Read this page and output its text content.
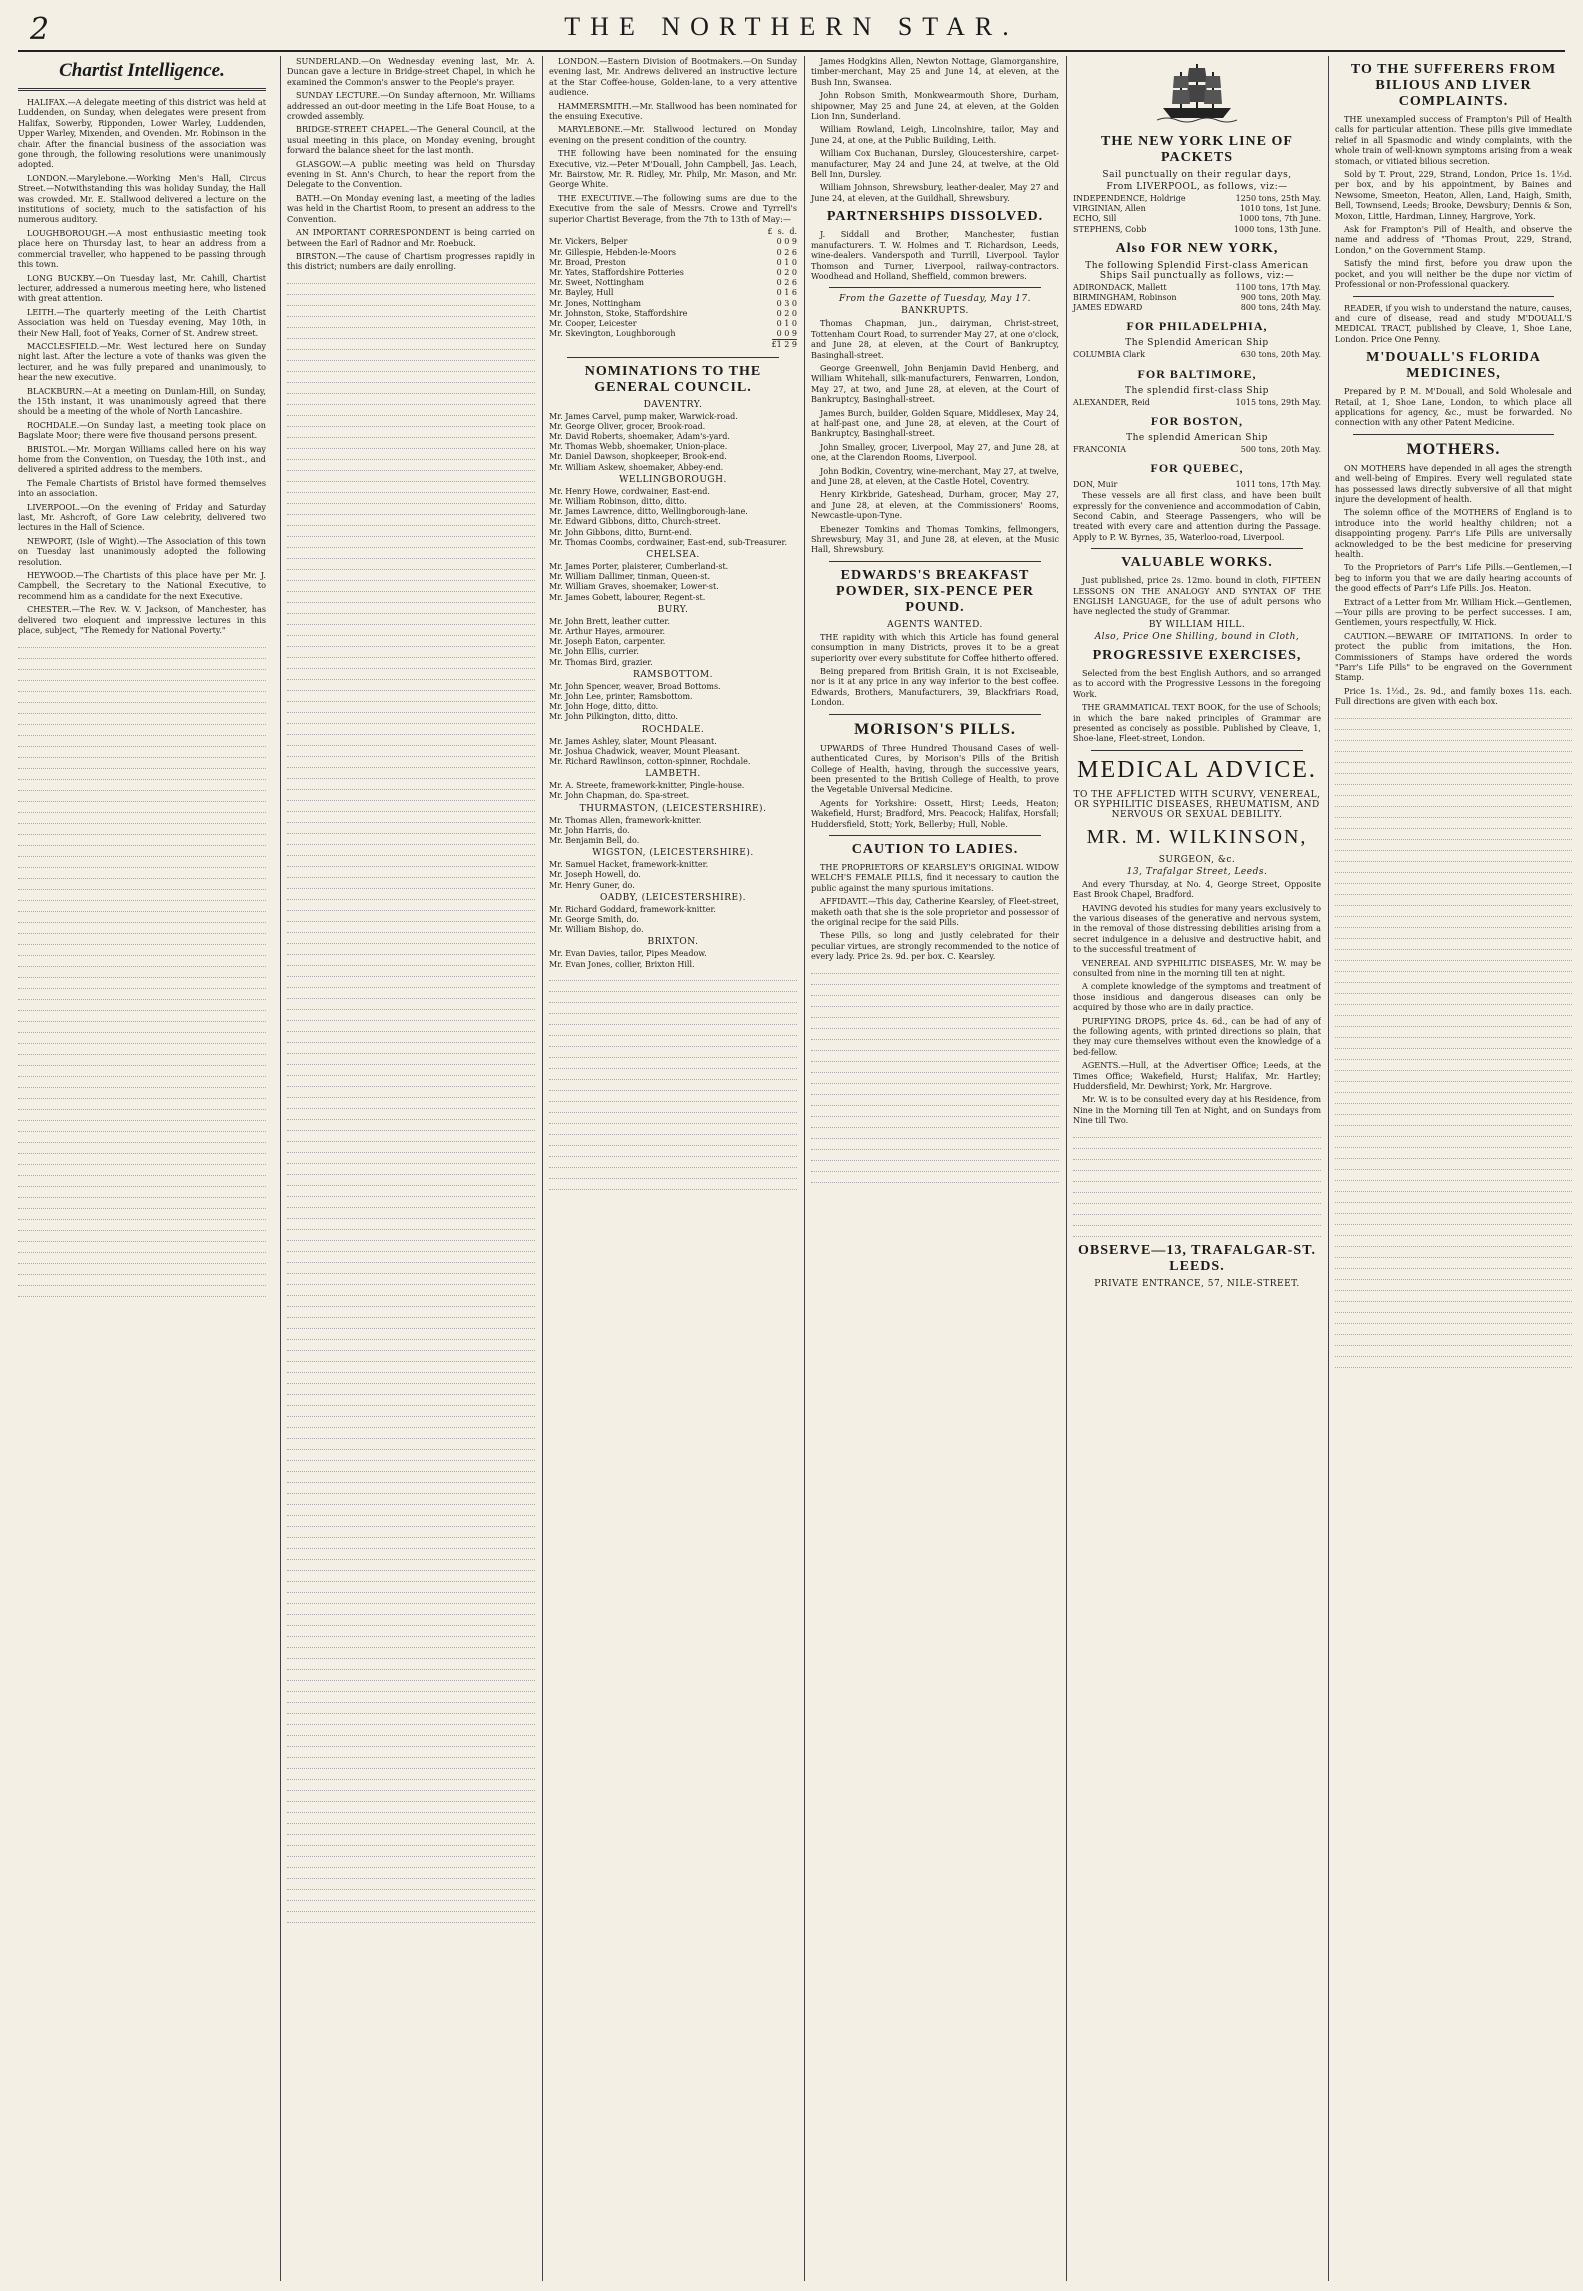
2	THE NORTHERN STAR.
Chartist Intelligence.

HALIFAX.—A delegate meeting of this district was held at Luddenden, on Sunday, when delegates were present from Halifax, Sowerby, Ripponden, Lower Warley, Luddenden, Upper Warley, Mixenden, and Ovenden. Mr. Robinson in the chair. After the financial business of the association was gone through, the following resolutions were unanimously adopted.

LONDON.—Marylebone.—Working Men's Hall, Circus Street.—Notwithstanding this was holiday Sunday, the Hall was crowded. Mr. E. Stallwood delivered a lecture on the institutions of society, much to the satisfaction of his numerous auditory.

LOUGHBOROUGH.—A most enthusiastic meeting took place here on Thursday last, to hear an address from a commercial traveller, who happened to be passing through this town.

LONG BUCKBY.—On Tuesday last, Mr. Cahill, Chartist lecturer, addressed a numerous meeting here, who listened with great attention.

LEITH.—The quarterly meeting of the Leith Chartist Association was held on Tuesday evening, May 10th, in their New Hall, foot of Yeaks, Corner of St. Andrew street.

MACCLESFIELD.—Mr. West lectured here on Sunday night last. After the lecture a vote of thanks was given the lecturer, and he was fully prepared and unanimously, to hear the new executive.

BLACKBURN.—At a meeting on Dunlam-Hill, on Sunday, the 15th instant, it was unanimously agreed that there should be a meeting of the whole of North Lancashire.

ROCHDALE.—On Sunday last, a meeting took place on Bagslate Moor; there were five thousand persons present.

BRISTOL.—Mr. Morgan Williams called here on his way home from the Convention, on Tuesday, the 10th inst., and delivered a spirited address to the members.

The Female Chartists of Bristol have formed themselves into an association.

LIVERPOOL.—On the evening of Friday and Saturday last, Mr. Ashcroft, of Gore Law celebrity, delivered two lectures in the Hall of Science.

NEWPORT, (Isle of Wight).—The Association of this town on Tuesday last unanimously adopted the following resolution.

HEYWOOD.—The Chartists of this place have per Mr. J. Campbell, the Secretary to the National Executive, to recommend him as a candidate for the next Executive.

CHESTER.—The Rev. W. V. Jackson, of Manchester, has delivered two eloquent and impressive lectures in this place, subject, "The Remedy for National Poverty."

SUNDERLAND.—On Wednesday evening last, Mr. A. Duncan gave a lecture in Bridge-street Chapel, in which he examined the Common's answer to the People's prayer.

SUNDAY LECTURE.—On Sunday afternoon, Mr. Williams addressed an out-door meeting in the Life Boat House, to a crowded assembly.

BRIDGE-STREET CHAPEL.—The General Council, at the usual meeting in this place, on Monday evening, brought forward the balance sheet for the last month.

GLASGOW.—A public meeting was held on Thursday evening in St. Ann's Church, to hear the report from the Delegate to the Convention.

BATH.—On Monday evening last, a meeting of the ladies was held in the Chartist Room, to present an address to the Convention.

AN IMPORTANT CORRESPONDENT is being carried on between the Earl of Radnor and Mr. Roebuck.

BIRSTON.—The cause of Chartism progresses rapidly in this district; numbers are daily enrolling.

LONDON.—Eastern Division of Bootmakers.—On Sunday evening last, Mr. Andrews delivered an instructive lecture at the Star Coffee-house, Golden-lane, to a very attentive audience.

HAMMERSMITH.—Mr. Stallwood has been nominated for the ensuing Executive.

MARYLEBONE.—Mr. Stallwood lectured on Monday evening on the present condition of the country.

THE following have been nominated for the ensuing Executive, viz.—Peter M'Douall, John Campbell, Jas. Leach, Mr. Bairstow, Mr. R. Ridley, Mr. Philp, Mr. Mason, and Mr. George White.

THE EXECUTIVE.—The following sums are due to the Executive from the sale of Messrs. Crowe and Tyrrell's superior Chartist Beverage, from the 7th to 13th of May:—

£ s. d.
Mr. Vickers, Belper	0 0 9
Mr. Gillespie, Hebden-le-Moors	0 2 6
Mr. Broad, Preston	0 1 0
Mr. Yates, Staffordshire Potteries	0 2 0
Mr. Sweet, Nottingham	0 2 6
Mr. Bayley, Hull	0 1 6
Mr. Jones, Nottingham	0 3 0
Mr. Johnston, Stoke, Staffordshire	0 2 0
Mr. Cooper, Leicester	0 1 0
Mr. Skevington, Loughborough	0 0 9
£1 2 9
NOMINATIONS TO THE GENERAL COUNCIL.
DAVENTRY.
Mr. James Carvel, pump maker, Warwick-road.
Mr. George Oliver, grocer, Brook-road.
Mr. David Roberts, shoemaker, Adam's-yard.
Mr. Thomas Webb, shoemaker, Union-place.
Mr. Daniel Dawson, shopkeeper, Brook-end.
Mr. William Askew, shoemaker, Abbey-end.
WELLINGBOROUGH.
Mr. Henry Howe, cordwainer, East-end.
Mr. William Robinson, ditto, ditto.
Mr. James Lawrence, ditto, Wellingborough-lane.
Mr. Edward Gibbons, ditto, Church-street.
Mr. John Gibbons, ditto, Burnt-end.
Mr. Thomas Coombs, cordwainer, East-end, sub-Treasurer.
CHELSEA.
Mr. James Porter, plaisterer, Cumberland-st.
Mr. William Dallimer, tinman, Queen-st.
Mr. William Graves, shoemaker, Lower-st.
Mr. James Gobett, labourer, Regent-st.
BURY.
Mr. John Brett, leather cutter.
Mr. Arthur Hayes, armourer.
Mr. Joseph Eaton, carpenter.
Mr. John Ellis, currier.
Mr. Thomas Bird, grazier.
RAMSBOTTOM.
Mr. John Spencer, weaver, Broad Bottoms.
Mr. John Lee, printer, Ramsbottom.
Mr. John Hoge, ditto, ditto.
Mr. John Pilkington, ditto, ditto.
ROCHDALE.
Mr. James Ashley, slater, Mount Pleasant.
Mr. Joshua Chadwick, weaver, Mount Pleasant.
Mr. Richard Rawlinson, cotton-spinner, Rochdale.
LAMBETH.
Mr. A. Streete, framework-knitter, Pingle-house.
Mr. John Chapman, do. Spa-street.
THURMASTON, (LEICESTERSHIRE).
Mr. Thomas Allen, framework-knitter.
Mr. John Harris, do.
Mr. Benjamin Bell, do.
WIGSTON, (LEICESTERSHIRE).
Mr. Samuel Hacket, framework-knitter.
Mr. Joseph Howell, do.
Mr. Henry Guner, do.
OADBY, (LEICESTERSHIRE).
Mr. Richard Goddard, framework-knitter.
Mr. George Smith, do.
Mr. William Bishop, do.
BRIXTON.
Mr. Evan Davies, tailor, Pipes Meadow.
Mr. Evan Jones, collier, Brixton Hill.

James Hodgkins Allen, Newton Nottage, Glamorganshire, timber-merchant, May 25 and June 14, at eleven, at the Bush Inn, Swansea.

John Robson Smith, Monkwearmouth Shore, Durham, shipowner, May 25 and June 24, at eleven, at the Golden Lion Inn, Sunderland.

William Rowland, Leigh, Lincolnshire, tailor, May and June 24, at one, at the Public Building, Leith.

William Cox Buchanan, Dursley, Gloucestershire, carpet-manufacturer, May 24 and June 24, at twelve, at the Old Bell Inn, Dursley.

William Johnson, Shrewsbury, leather-dealer, May 27 and June 24, at eleven, at the Guildhall, Shrewsbury.

PARTNERSHIPS DISSOLVED.

J. Siddall and Brother, Manchester, fustian manufacturers. T. W. Holmes and T. Richardson, Leeds, wine-dealers. Vanderspoth and Turrill, Liverpool. Taylor Thomson and Turner, Liverpool, railway-contractors. Woodhead and Holland, Sheffield, common brewers.

From the Gazette of Tuesday, May 17.
BANKRUPTS.

Thomas Chapman, jun., dairyman, Christ-street, Tottenham Court Road, to surrender May 27, at one o'clock, and June 28, at eleven, at the Court of Bankruptcy, Basinghall-street.

George Greenwell, John Benjamin David Henberg, and William Whitehall, silk-manufacturers, Fenwarren, London, May 27, at two, and June 28, at eleven, at the Court of Bankruptcy, Basinghall-street.

James Burch, builder, Golden Square, Middlesex, May 24, at half-past one, and June 28, at eleven, at the Court of Bankruptcy, Basinghall-street.

John Smalley, grocer, Liverpool, May 27, and June 28, at one, at the Clarendon Rooms, Liverpool.

John Bodkin, Coventry, wine-merchant, May 27, at twelve, and June 28, at eleven, at the Castle Hotel, Coventry.

Henry Kirkbride, Gateshead, Durham, grocer, May 27, and June 28, at eleven, at the Commissioners' Rooms, Newcastle-upon-Tyne.

Ebenezer Tomkins and Thomas Tomkins, fellmongers, Shrewsbury, May 31, and June 28, at eleven, at the Music Hall, Shrewsbury.

EDWARDS'S BREAKFAST POWDER, SIX-PENCE PER POUND.
AGENTS WANTED.

THE rapidity with which this Article has found general consumption in many Districts, proves it to be a great superiority over every substitute for Coffee hitherto offered.

Being prepared from British Grain, it is not Exciseable, nor is it at any price in any way inferior to the best coffee. Edwards, Brothers, Manufacturers, 39, Blackfriars Road, London.

MORISON'S PILLS.

UPWARDS of Three Hundred Thousand Cases of well-authenticated Cures, by Morison's Pills of the British College of Health, having, through the successive years, been presented to the British College of Health, to prove the Vegetable Universal Medicine.

Agents for Yorkshire: Ossett, Hirst; Leeds, Heaton; Wakefield, Hurst; Bradford, Mrs. Peacock; Halifax, Horsfall; Huddersfield, Stott; York, Bellerby; Hull, Noble.

CAUTION TO LADIES.

THE PROPRIETORS OF KEARSLEY'S ORIGINAL WIDOW WELCH'S FEMALE PILLS, find it necessary to caution the public against the many spurious imitations.

AFFIDAVIT.—This day, Catherine Kearsley, of Fleet-street, maketh oath that she is the sole proprietor and possessor of the original recipe for the said Pills.

These Pills, so long and justly celebrated for their peculiar virtues, are strongly recommended to the notice of every lady. Price 2s. 9d. per box. C. Kearsley.

THE NEW YORK LINE OF PACKETS
Sail punctually on their regular days,
From LIVERPOOL, as follows, viz:—
INDEPENDENCE, Holdrige	1250 tons, 25th May.
VIRGINIAN, Allen	1010 tons, 1st June.
ECHO, Sill	1000 tons, 7th June.
STEPHENS, Cobb	1000 tons, 13th June.
Also FOR NEW YORK,
The following Splendid First-class American Ships Sail punctually as follows, viz:—
ADIRONDACK, Mallett	1100 tons, 17th May.
BIRMINGHAM, Robinson	900 tons, 20th May.
JAMES EDWARD	800 tons, 24th May.
FOR PHILADELPHIA,
The Splendid American Ship
COLUMBIA Clark	630 tons, 20th May.
FOR BALTIMORE,
The splendid first-class Ship
ALEXANDER, Reid	1015 tons, 29th May.
FOR BOSTON,
The splendid American Ship
FRANCONIA	500 tons, 20th May.
FOR QUEBEC,
DON, Muir	1011 tons, 17th May.

These vessels are all first class, and have been built expressly for the convenience and accommodation of Cabin, Second Cabin, and Steerage Passengers, who will be treated with every care and attention during the Passage. Apply to P. W. Byrnes, 35, Waterloo-road, Liverpool.

VALUABLE WORKS.

Just published, price 2s. 12mo. bound in cloth, FIFTEEN LESSONS ON THE ANALOGY AND SYNTAX OF THE ENGLISH LANGUAGE, for the use of adult persons who have neglected the study of Grammar.

BY WILLIAM HILL.
Also, Price One Shilling, bound in Cloth,
PROGRESSIVE EXERCISES,

Selected from the best English Authors, and so arranged as to accord with the Progressive Lessons in the foregoing Work.

THE GRAMMATICAL TEXT BOOK, for the use of Schools; in which the bare naked principles of Grammar are presented as concisely as possible. Published by Cleave, 1, Shoe-lane, Fleet-street, London.

MEDICAL ADVICE.
TO THE AFFLICTED WITH SCURVY, VENEREAL, OR SYPHILITIC DISEASES, RHEUMATISM, AND NERVOUS OR SEXUAL DEBILITY.
MR. M. WILKINSON,
SURGEON, &c.
13, Trafalgar Street, Leeds.

And every Thursday, at No. 4, George Street, Opposite East Brook Chapel, Bradford.

HAVING devoted his studies for many years exclusively to the various diseases of the generative and nervous system, in the removal of those distressing debilities arising from a secret indulgence in a delusive and destructive habit, and to the successful treatment of

VENEREAL AND SYPHILITIC DISEASES, Mr. W. may be consulted from nine in the morning till ten at night.

A complete knowledge of the symptoms and treatment of those insidious and dangerous diseases can only be acquired by those who are in daily practice.

PURIFYING DROPS, price 4s. 6d., can be had of any of the following agents, with printed directions so plain, that they may cure themselves without even the knowledge of a bed-fellow.

AGENTS.—Hull, at the Advertiser Office; Leeds, at the Times Office; Wakefield, Hurst; Halifax, Mr. Hartley; Huddersfield, Mr. Dewhirst; York, Mr. Hargrove.

Mr. W. is to be consulted every day at his Residence, from Nine in the Morning till Ten at Night, and on Sundays from Nine till Two.

OBSERVE—13, TRAFALGAR-ST. LEEDS.
PRIVATE ENTRANCE, 57, NILE-STREET.
TO THE SUFFERERS FROM BILIOUS AND LIVER COMPLAINTS.

THE unexampled success of Frampton's Pill of Health calls for particular attention. These pills give immediate relief in all Spasmodic and windy complaints, with the whole train of well-known symptoms arising from a weak stomach, or vitiated bilious secretion.

Sold by T. Prout, 229, Strand, London, Price 1s. 1½d. per box, and by his appointment, by Baines and Newsome, Smeeton, Heaton, Allen, Land, Haigh, Smith, Bell, Townsend, Leeds; Brooke, Dewsbury; Dennis & Son, Moxon, Little, Hardman, Linney, Hargrove, York.

Ask for Frampton's Pill of Health, and observe the name and address of "Thomas Prout, 229, Strand, London," on the Government Stamp.

Satisfy the mind first, before you draw upon the pocket, and you will neither be the dupe nor victim of Professional or non-Professional quackery.

READER, if you wish to understand the nature, causes, and cure of disease, read and study M'DOUALL'S MEDICAL TRACT, published by Cleave, 1, Shoe Lane, London. Price One Penny.

M'DOUALL'S FLORIDA MEDICINES,

Prepared by P. M. M'Douall, and Sold Wholesale and Retail, at 1, Shoe Lane, London, to which place all applications for agency, &c., must be forwarded. No connection with any other Patent Medicine.

MOTHERS.

ON MOTHERS have depended in all ages the strength and well-being of Empires. Every well regulated state has possessed laws directly subversive of all that might injure the development of health.

The solemn office of the MOTHERS of England is to introduce into the world healthy children; not a disappointing progeny. Parr's Life Pills are universally acknowledged to be the best medicine for preserving health.

To the Proprietors of Parr's Life Pills.—Gentlemen,—I beg to inform you that we are daily hearing accounts of the good effects of Parr's Life Pills. Jos. Heaton.

Extract of a Letter from Mr. William Hick.—Gentlemen,—Your pills are proving to be perfect successes. I am, Gentlemen, yours respectfully, W. Hick.

CAUTION.—BEWARE OF IMITATIONS. In order to protect the public from imitations, the Hon. Commissioners of Stamps have ordered the words "Parr's Life Pills" to be engraved on the Government Stamp.

Price 1s. 1½d., 2s. 9d., and family boxes 11s. each. Full directions are given with each box.
